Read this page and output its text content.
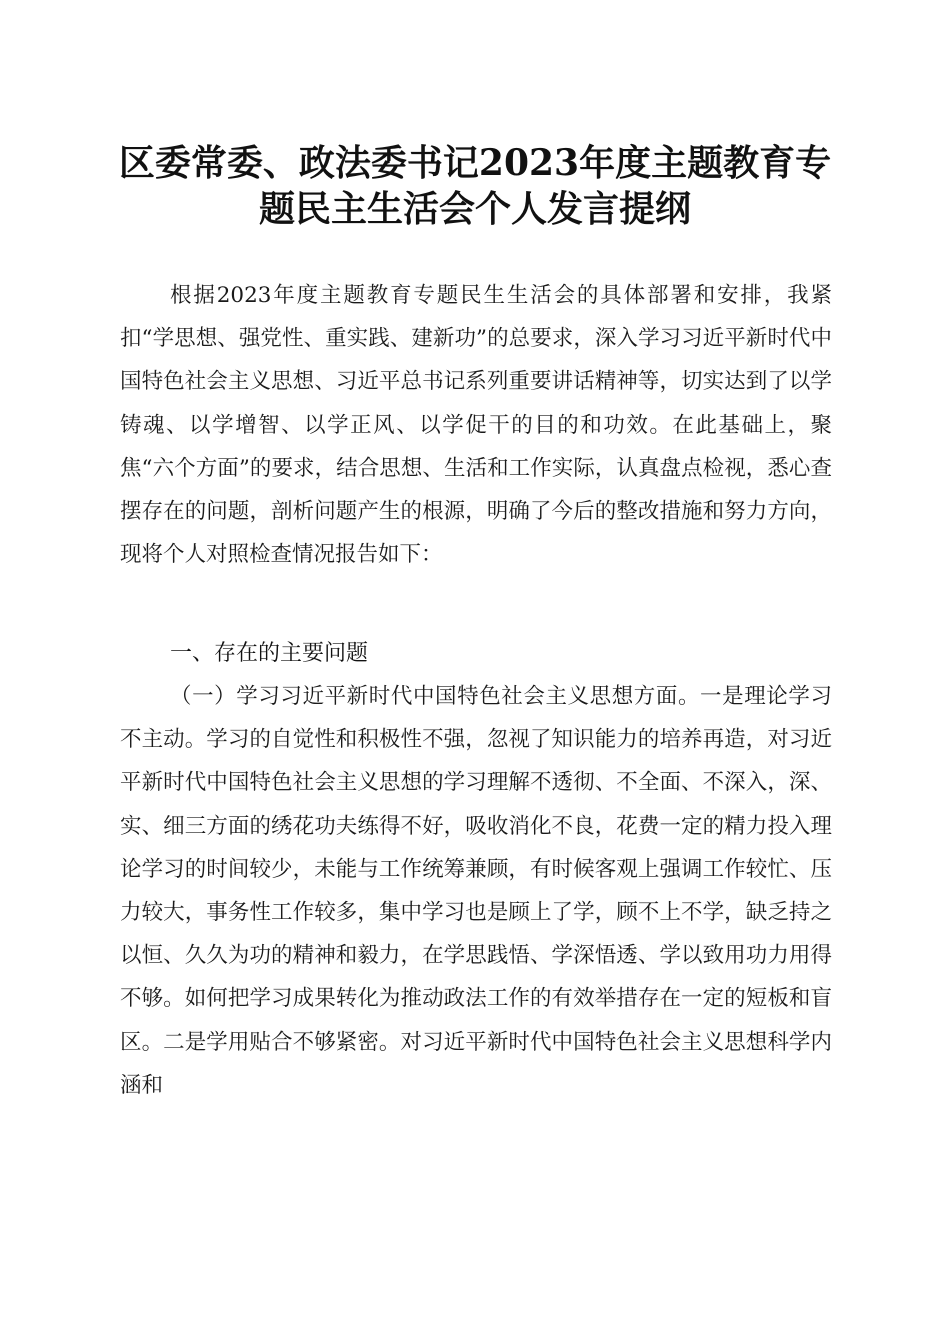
区委常委、政法委书记2023年度主题教育专
题民主生活会个人发言提纲
根据2023年度主题教育专题民生生活会的具体部署和安排，我紧扣“学思想、强党性、重实践、建新功”的总要求，深入学习习近平新时代中国特色社会主义思想、习近平总书记系列重要讲话精神等，切实达到了以学铸魂、以学增智、以学正风、以学促干的目的和功效。在此基础上，聚焦“六个方面”的要求，结合思想、生活和工作实际，认真盘点检视，悉心查摆存在的问题，剖析问题产生的根源，明确了今后的整改措施和努力方向，现将个人对照检查情况报告如下：
一、存在的主要问题
（一）学习习近平新时代中国特色社会主义思想方面。一是理论学习不主动。学习的自觉性和积极性不强，忽视了知识能力的培养再造，对习近平新时代中国特色社会主义思想的学习理解不透彻、不全面、不深入，深、实、细三方面的绣花功夫练得不好，吸收消化不良，花费一定的精力投入理论学习的时间较少，未能与工作统筹兼顾，有时候客观上强调工作较忙、压力较大，事务性工作较多，集中学习也是顾上了学，顾不上不学，缺乏持之以恒、久久为功的精神和毅力，在学思践悟、学深悟透、学以致用功力用得不够。如何把学习成果转化为推动政法工作的有效举措存在一定的短板和盲区。二是学用贴合不够紧密。对习近平新时代中国特色社会主义思想科学内涵和
